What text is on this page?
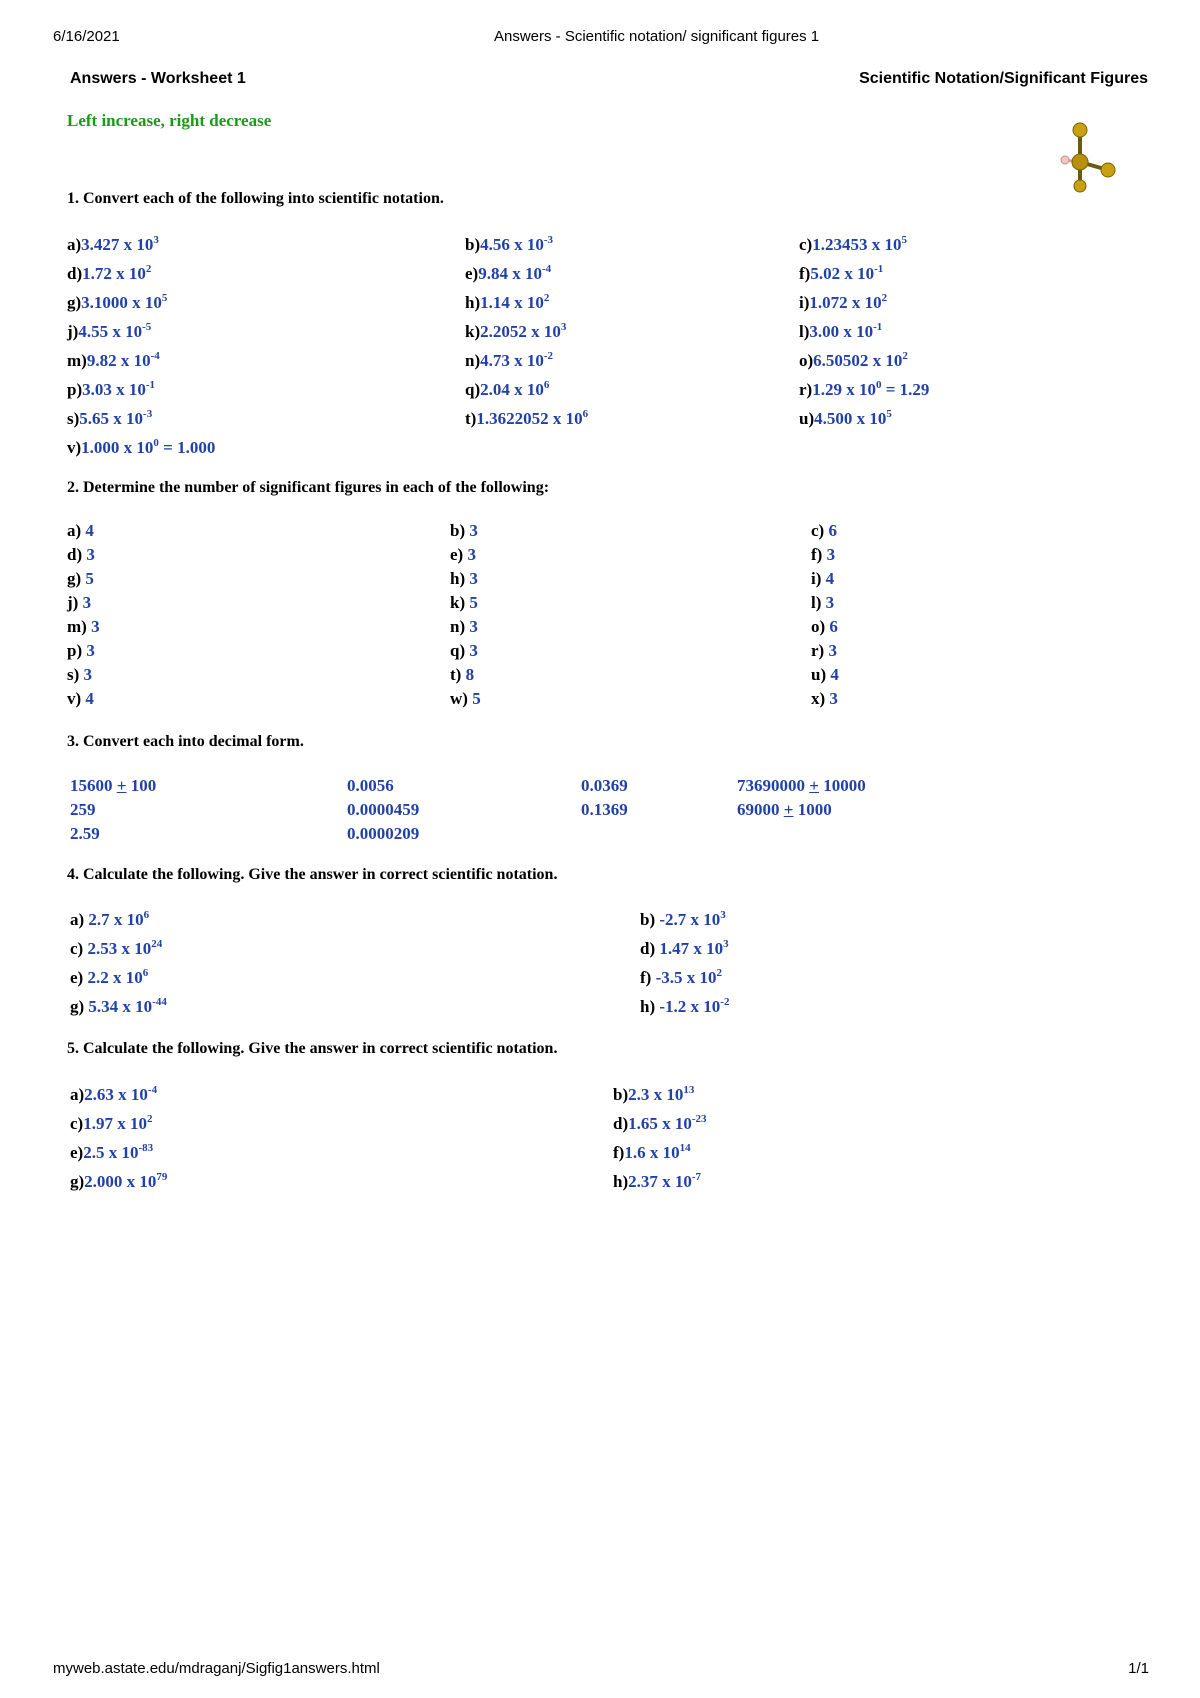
6/16/2021	Answers - Scientific notation/ significant figures 1
Answers - Worksheet 1	Scientific Notation/Significant Figures
Left increase, right decrease
1. Convert each of the following into scientific notation.
a)3.427 x $10^3$	b)4.56 x $10^{-3}$	c)1.23453 x $10^5$
d)1.72 x $10^2$	e)9.84 x $10^{-4}$	f)5.02 x $10^{-1}$
g)3.1000 x $10^5$	h)1.14 x $10^2$	i)1.072 x $10^2$
j)4.55 x $10^{-5}$	k)2.2052 x $10^3$	l)3.00 x $10^{-1}$
m)9.82 x $10^{-4}$	n)4.73 x $10^{-2}$	o)6.50502 x $10^2$
p)3.03 x $10^{-1}$	q)2.04 x $10^6$	r)1.29 x $10^0 = 1.29$
s)5.65 x $10^{-3}$	t)1.3622052 x $10^6$	u)4.500 x $10^5$
v)1.000 x $10^0 = 1.000$
2. Determine the number of significant figures in each of the following:
a) 4	b) 3	c) 6
d) 3	e) 3	f) 3
g) 5	h) 3	i) 4
j) 3	k) 5	l) 3
m) 3	n) 3	o) 6
p) 3	q) 3	r) 3
s) 3	t) 8	u) 4
v) 4	w) 5	x) 3
3. Convert each into decimal form.
15600 + 100	0.0056	0.0369	73690000 + 10000
259	0.0000459	0.1369	69000 + 1000
2.59	0.0000209
4. Calculate the following. Give the answer in correct scientific notation.
a) 2.7 x $10^6$	b) -2.7 x $10^3$
c) 2.53 x $10^{24}$	d) 1.47 x $10^3$
e) 2.2 x $10^6$	f) -3.5 x $10^2$
g) 5.34 x $10^{-44}$	h) -1.2 x $10^{-2}$
5. Calculate the following. Give the answer in correct scientific notation.
a)2.63 x $10^{-4}$	b)2.3 x $10^{13}$
c)1.97 x $10^2$	d)1.65 x $10^{-23}$
e)2.5 x $10^{-83}$	f)1.6 x $10^{14}$
g)2.000 x $10^{79}$	h)2.37 x $10^{-7}$
myweb.astate.edu/mdraganj/Sigfig1answers.html	1/1
